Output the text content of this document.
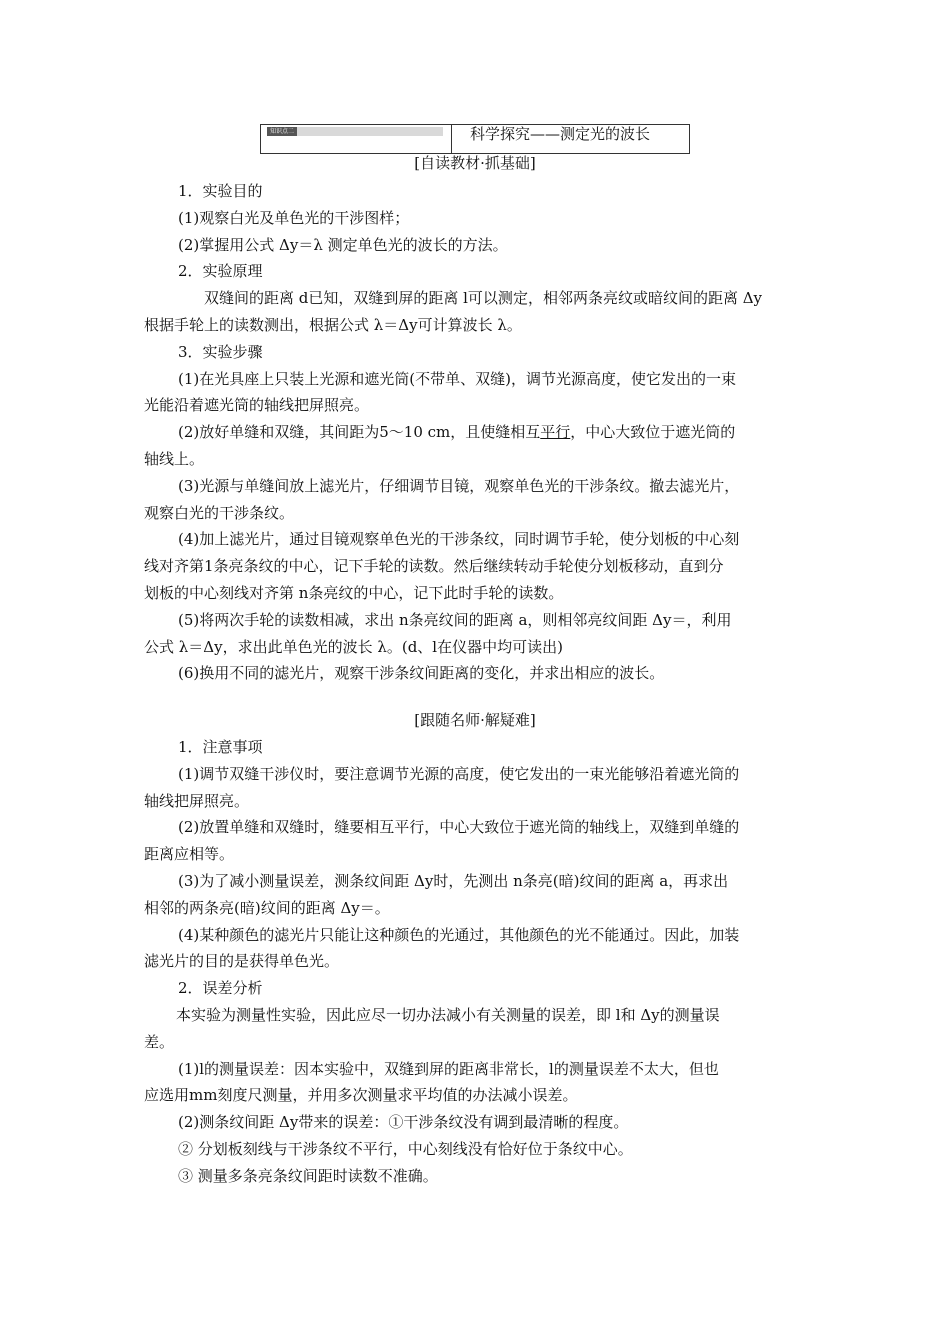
知识点二	科学探究——测定光的波长
[自读教材·抓基础]
1．实验目的
(1)观察白光及单色光的干涉图样；
(2)掌握用公式 Δy＝λ 测定单色光的波长的方法。
2．实验原理
双缝间的距离 d已知，双缝到屏的距离 l可以测定，相邻两条亮纹或暗纹间的距离 Δy
根据手轮上的读数测出，根据公式 λ＝Δy可计算波长 λ。
3．实验步骤
(1)在光具座上只装上光源和遮光筒(不带单、双缝)，调节光源高度，使它发出的一束
光能沿着遮光筒的轴线把屏照亮。
(2)放好单缝和双缝，其间距为5～10 cm，且使缝相互平行，中心大致位于遮光筒的
轴线上。
(3)光源与单缝间放上滤光片，仔细调节目镜，观察单色光的干涉条纹。撤去滤光片，
观察白光的干涉条纹。
(4)加上滤光片，通过目镜观察单色光的干涉条纹，同时调节手轮，使分划板的中心刻
线对齐第1条亮条纹的中心，记下手轮的读数。然后继续转动手轮使分划板移动，直到分
划板的中心刻线对齐第 n条亮纹的中心，记下此时手轮的读数。
(5)将两次手轮的读数相减，求出 n条亮纹间的距离 a，则相邻亮纹间距 Δy＝，利用
公式 λ＝Δy，求出此单色光的波长 λ。(d、l在仪器中均可读出)
(6)换用不同的滤光片，观察干涉条纹间距离的变化，并求出相应的波长。
[跟随名师·解疑难]
1．注意事项
(1)调节双缝干涉仪时，要注意调节光源的高度，使它发出的一束光能够沿着遮光筒的
轴线把屏照亮。
(2)放置单缝和双缝时，缝要相互平行，中心大致位于遮光筒的轴线上，双缝到单缝的
距离应相等。
(3)为了减小测量误差，测条纹间距 Δy时，先测出 n条亮(暗)纹间的距离 a，再求出
相邻的两条亮(暗)纹间的距离 Δy＝。
(4)某种颜色的滤光片只能让这种颜色的光通过，其他颜色的光不能通过。因此，加装
滤光片的目的是获得单色光。
2．误差分析
本实验为测量性实验，因此应尽一切办法减小有关测量的误差，即 l和 Δy的测量误
差。
(1)l的测量误差：因本实验中，双缝到屏的距离非常长，l的测量误差不太大，但也
应选用mm刻度尺测量，并用多次测量求平均值的办法减小误差。
(2)测条纹间距 Δy带来的误差：①干涉条纹没有调到最清晰的程度。
② 分划板刻线与干涉条纹不平行，中心刻线没有恰好位于条纹中心。
③ 测量多条亮条纹间距时读数不准确。
